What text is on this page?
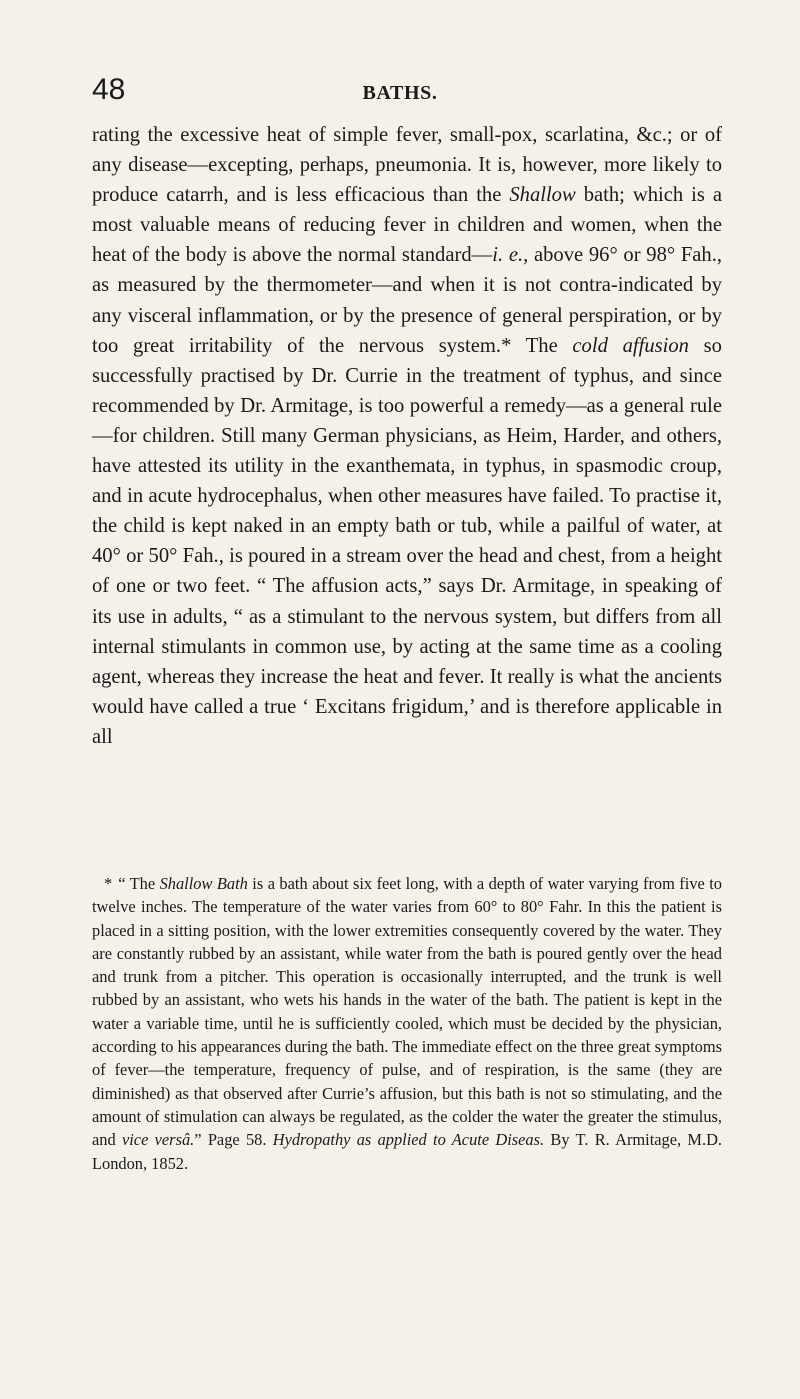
48	BATHS.

rating the excessive heat of simple fever, small-pox, scarlatina, &c.; or of any disease—excepting, perhaps, pneumonia. It is, however, more likely to produce catarrh, and is less efficacious than the Shallow bath; which is a most valuable means of reducing fever in children and women, when the heat of the body is above the normal standard—i. e., above 96° or 98° Fah., as measured by the thermometer—and when it is not contra-indicated by any visceral inflammation, or by the presence of general perspiration, or by too great irritability of the nervous system.* The cold affusion so successfully practised by Dr. Currie in the treatment of typhus, and since recommended by Dr. Armitage, is too powerful a remedy—as a general rule—for children. Still many German physicians, as Heim, Harder, and others, have attested its utility in the exanthemata, in typhus, in spasmodic croup, and in acute hydrocephalus, when other measures have failed. To practise it, the child is kept naked in an empty bath or tub, while a pailful of water, at 40° or 50° Fah., is poured in a stream over the head and chest, from a height of one or two feet. “ The affusion acts,” says Dr. Armitage, in speaking of its use in adults, “ as a stimulant to the nervous system, but differs from all internal stimulants in common use, by acting at the same time as a cooling agent, whereas they increase the heat and fever. It really is what the ancients would have called a true ‘ Excitans frigidum,’ and is therefore applicable in all

* “ The Shallow Bath is a bath about six feet long, with a depth of water varying from five to twelve inches. The temperature of the water varies from 60° to 80° Fahr. In this the patient is placed in a sitting position, with the lower extremities consequently covered by the water. They are constantly rubbed by an assistant, while water from the bath is poured gently over the head and trunk from a pitcher. This operation is occasionally interrupted, and the trunk is well rubbed by an assistant, who wets his hands in the water of the bath. The patient is kept in the water a variable time, until he is sufficiently cooled, which must be decided by the physician, according to his appearances during the bath. The immediate effect on the three great symptoms of fever—the temperature, frequency of pulse, and of respiration, is the same (they are diminished) as that observed after Currie’s affusion, but this bath is not so stimulating, and the amount of stimulation can always be regulated, as the colder the water the greater the stimulus, and vice versâ.” Page 58. Hydropathy as applied to Acute Diseas. By T. R. Armitage, M.D. London, 1852.
